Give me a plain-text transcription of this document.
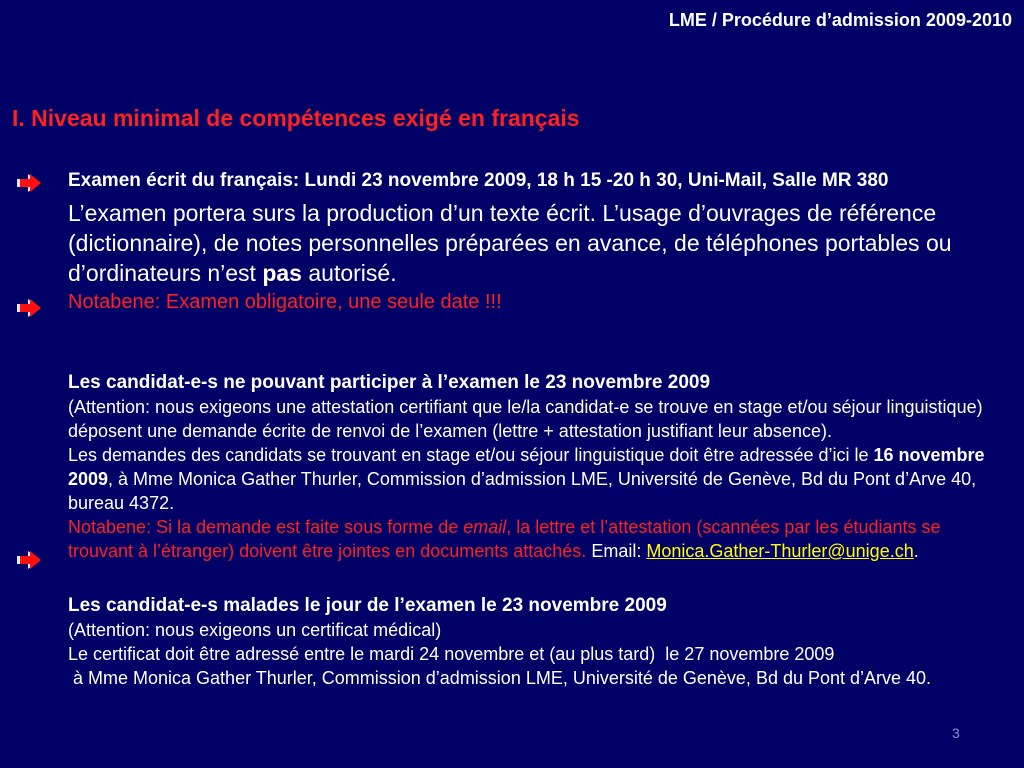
LME / Procédure d’admission 2009-2010
I. Niveau minimal de compétences exigé en français
Examen écrit du français: Lundi 23 novembre 2009, 18 h 15 -20 h 30, Uni-Mail, Salle MR 380
L’examen portera surs la production d’un texte écrit. L’usage d’ouvrages de référence
(dictionnaire), de notes personnelles préparées en avance, de téléphones portables ou
d’ordinateurs n’est pas autorisé.
Notabene: Examen obligatoire, une seule date !!!
Les candidat-e-s ne pouvant participer à l’examen le 23 novembre 2009
(Attention: nous exigeons une attestation certifiant que le/la candidat-e se trouve en stage et/ou séjour linguistique)
déposent une demande écrite de renvoi de l’examen (lettre + attestation justifiant leur absence).
Les demandes des candidats se trouvant en stage et/ou séjour linguistique doit être adressée d’ici le 16 novembre
2009, à Mme Monica Gather Thurler, Commission d’admission LME, Université de Genève, Bd du Pont d’Arve 40,
bureau 4372.
Notabene: Si la demande est faite sous forme de email, la lettre et l’attestation (scannées par les étudiants se
trouvant à l’étranger) doivent être jointes en documents attachés. Email: Monica.Gather-Thurler@unige.ch.
Les candidat-e-s malades le jour de l’examen le 23 novembre 2009
(Attention: nous exigeons un certificat médical)
Le certificat doit être adressé entre le mardi 24 novembre et (au plus tard)  le 27 novembre 2009
à Mme Monica Gather Thurler, Commission d’admission LME, Université de Genève, Bd du Pont d’Arve 40.
3
